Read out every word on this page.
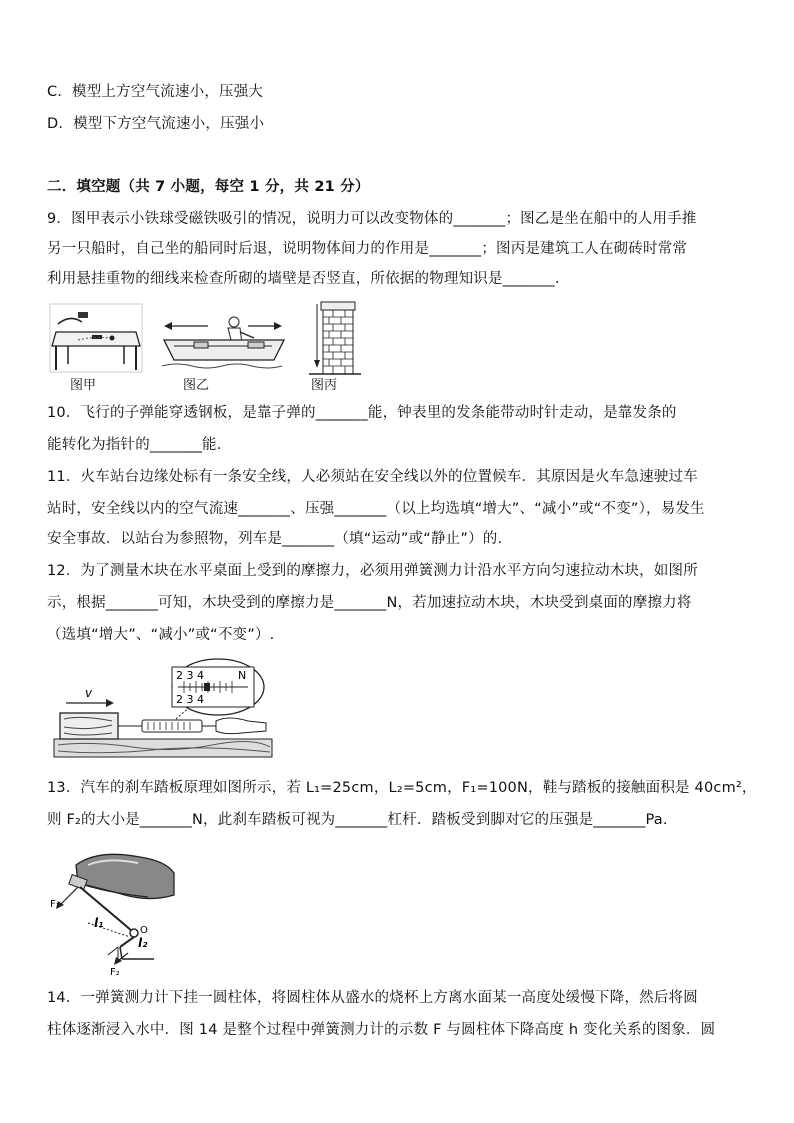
C．模型上方空气流速小，压强大
D．模型下方空气流速小，压强小
二．填空题（共 7 小题，每空 1 分，共 21 分）
9．图甲表示小铁球受磁铁吸引的情况，说明力可以改变物体的_______；图乙是坐在船中的人用手推
另一只船时，自己坐的船同时后退，说明物体间力的作用是_______；图丙是建筑工人在砌砖时常常
利用悬挂重物的细线来检查所砌的墙壁是否竖直，所依据的物理知识是_______.
图甲	图乙	图丙
10．飞行的子弹能穿透钢板，是靠子弹的_______能，钟表里的发条能带动时针走动，是靠发条的
能转化为指针的_______能.
11．火车站台边缘处标有一条安全线，人必须站在安全线以外的位置候车．其原因是火车急速驶过车
站时，安全线以内的空气流速_______、压强_______（以上均选填“增大”、“减小”或“不变”），易发生
安全事故．以站台为参照物，列车是_______（填“运动”或“静止”）的.
12．为了测量木块在水平桌面上受到的摩擦力，必须用弹簧测力计沿水平方向匀速拉动木块，如图所
示，根据_______可知，木块受到的摩擦力是_______N，若加速拉动木块，木块受到桌面的摩擦力将
（选填“增大”、“减小”或“不变”）.
v
2 3 4
2 3 4
N
13．汽车的刹车踏板原理如图所示，若 L₁=25cm，L₂=5cm，F₁=100N，鞋与踏板的接触面积是 40cm²，
则 F₂的大小是_______N，此刹车踏板可视为_______杠杆．踏板受到脚对它的压强是_______Pa.
F₁
l₁
O
l₂
F₂
14．一弹簧测力计下挂一圆柱体，将圆柱体从盛水的烧杯上方离水面某一高度处缓慢下降，然后将圆
柱体逐渐浸入水中．图 14 是整个过程中弹簧测力计的示数 F 与圆柱体下降高度 h 变化关系的图象．圆
